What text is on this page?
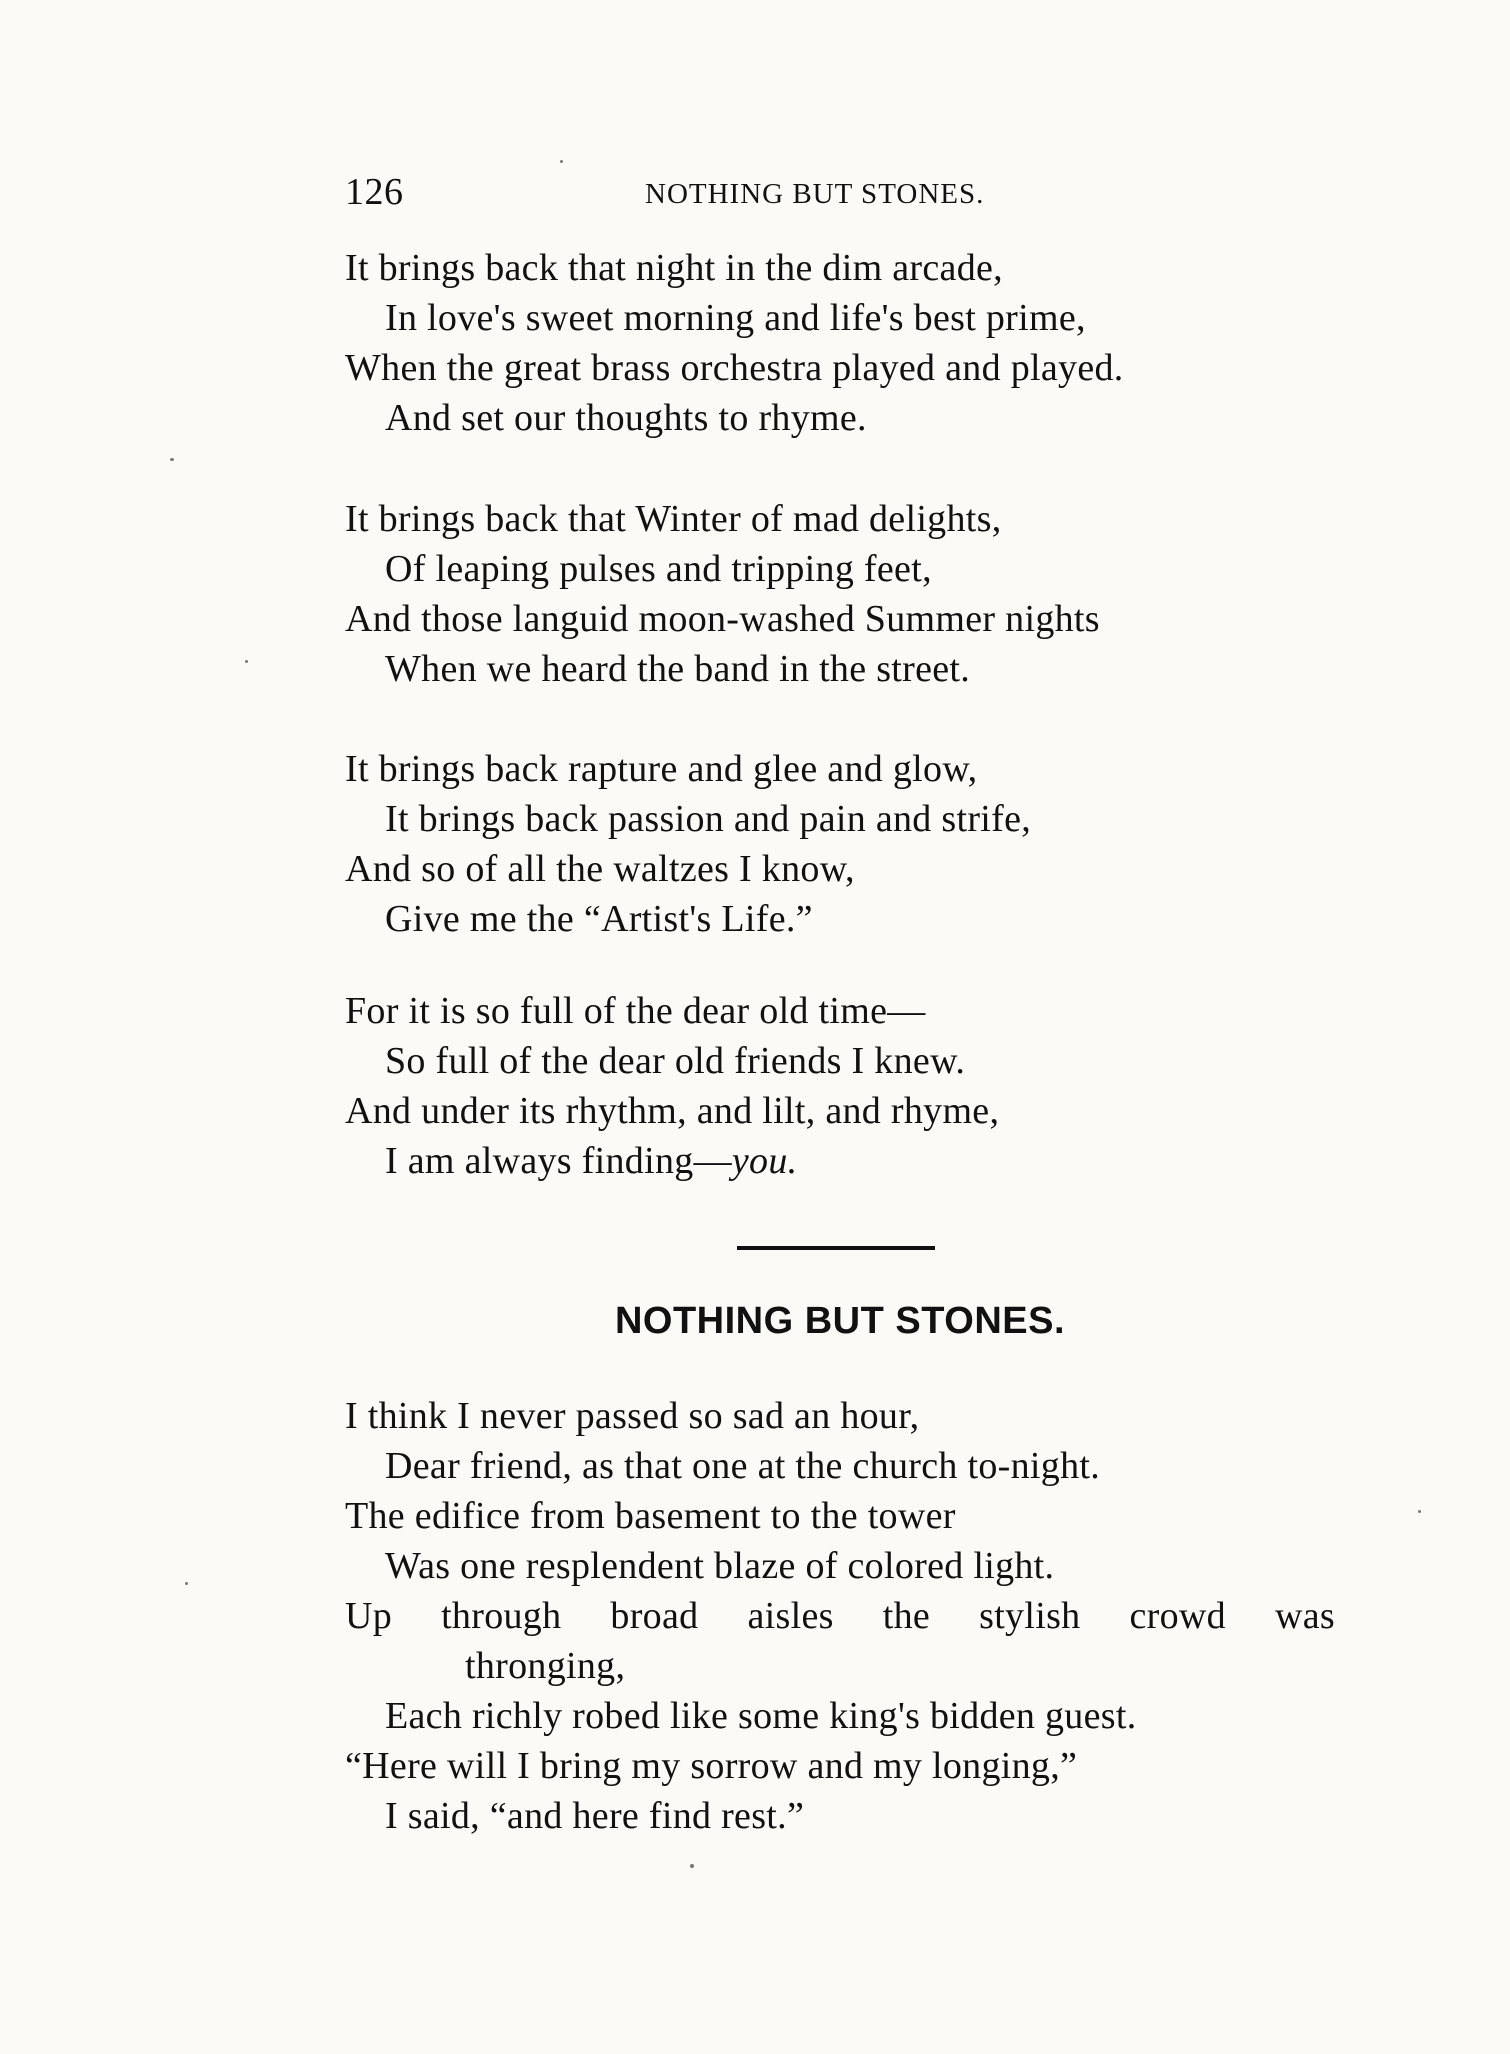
126	NOTHING BUT STONES.
It brings back that night in the dim arcade,
In love's sweet morning and life's best prime,
When the great brass orchestra played and played.
And set our thoughts to rhyme.
It brings back that Winter of mad delights,
Of leaping pulses and tripping feet,
And those languid moon-washed Summer nights
When we heard the band in the street.
It brings back rapture and glee and glow,
It brings back passion and pain and strife,
And so of all the waltzes I know,
Give me the “Artist's Life.”
For it is so full of the dear old time—
So full of the dear old friends I knew.
And under its rhythm, and lilt, and rhyme,
I am always finding—you.
NOTHING BUT STONES.
I think I never passed so sad an hour,
Dear friend, as that one at the church to-night.
The edifice from basement to the tower
Was one resplendent blaze of colored light.
Up through broad aisles the stylish crowd was
thronging,
Each richly robed like some king's bidden guest.
“Here will I bring my sorrow and my longing,”
I said, “and here find rest.”
